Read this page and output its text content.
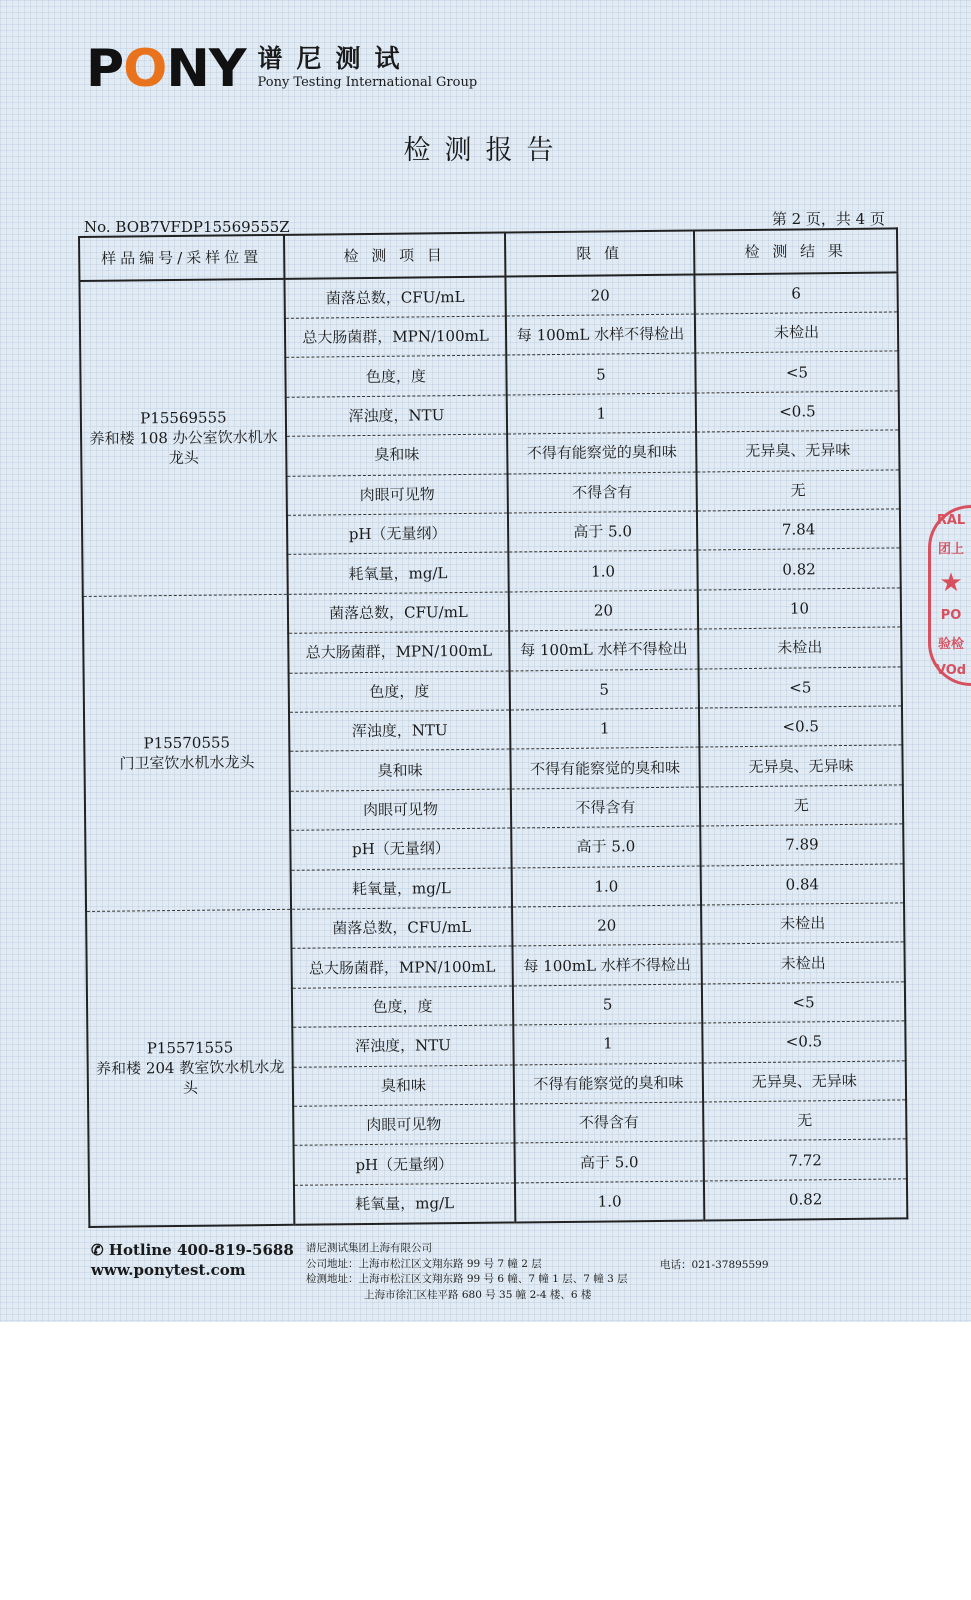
P O NY 谱尼测试
Pony Testing International Group
检测报告
No. BOB7VFDP15569555Z	第 2 页，共 4 页
样品编号/采样位置	检 测 项 目	限 值	检 测 结 果

P15569555
养和楼 108 办公室饮水机水龙头	菌落总数，CFU/mL	20	6
	总大肠菌群，MPN/100mL	每 100mL 水样不得检出	未检出
	色度，度	5	<5
	浑浊度，NTU	1	<0.5
	臭和味	不得有能察觉的臭和味	无异臭、无异味
	肉眼可见物	不得含有	无
	pH（无量纲）	高于 5.0	7.84
	耗氧量，mg/L	1.0	0.82

P15570555
门卫室饮水机水龙头	菌落总数，CFU/mL	20	10
	总大肠菌群，MPN/100mL	每 100mL 水样不得检出	未检出
	色度，度	5	<5
	浑浊度，NTU	1	<0.5
	臭和味	不得有能察觉的臭和味	无异臭、无异味
	肉眼可见物	不得含有	无
	pH（无量纲）	高于 5.0	7.89
	耗氧量，mg/L	1.0	0.84

P15571555
养和楼 204 教室饮水机水龙头	菌落总数，CFU/mL	20	未检出
	总大肠菌群，MPN/100mL	每 100mL 水样不得检出	未检出
	色度，度	5	<5
	浑浊度，NTU	1	<0.5
	臭和味	不得有能察觉的臭和味	无异臭、无异味
	肉眼可见物	不得含有	无
	pH（无量纲）	高于 5.0	7.72
	耗氧量，mg/L	1.0	0.82
RAL
团上
★
PO
验检
VOd
✆ Hotline 400-819-5688
www.ponytest.com
谱尼测试集团上海有限公司
公司地址：上海市松江区文翔东路 99 号 7 幢 2 层
检测地址：上海市松江区文翔东路 99 号 6 幢、7 幢 1 层、7 幢 3 层
上海市徐汇区桂平路 680 号 35 幢 2-4 楼、6 楼
电话：021-37895599
